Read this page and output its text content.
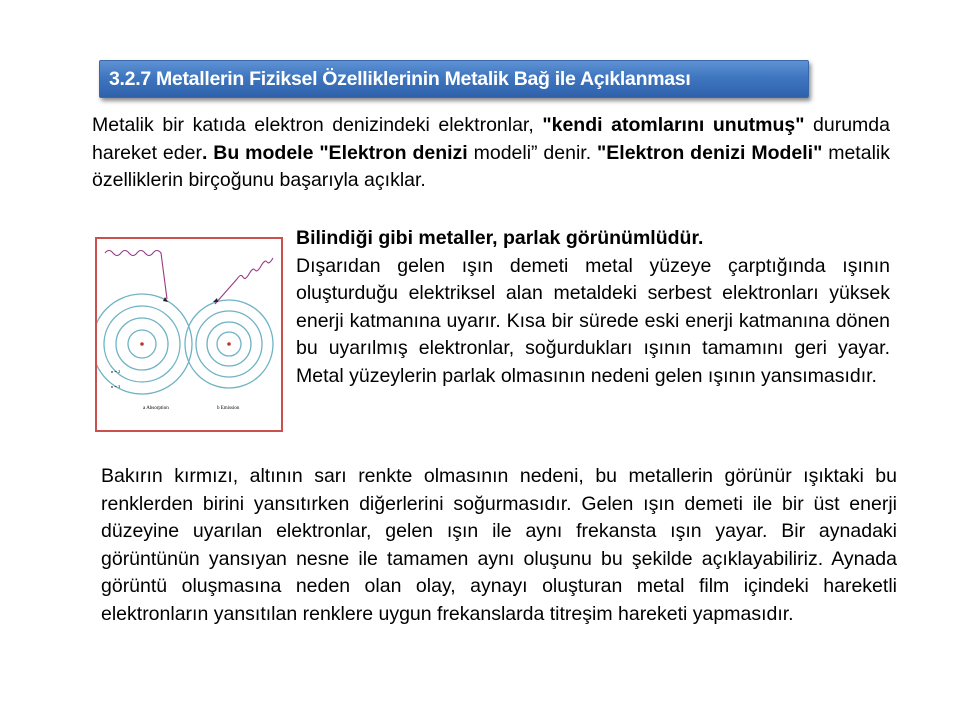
3.2.7 Metallerin Fiziksel Özelliklerinin Metalik Bağ ile Açıklanması

Metalik bir katıda elektron denizindeki elektronlar, "kendi atomlarını unutmuş" durumda hareket eder. Bu modele "Elektron denizi modeli” denir. "Elektron denizi Modeli" metalik özelliklerin birçoğunu başarıyla açıklar.

n = 2
n = 3
a Absorption	b Emission
Bilindiği gibi metaller, parlak görünümlüdür.
Dışarıdan gelen ışın demeti metal yüzeye çarptığında ışının oluşturduğu elektriksel alan metaldeki serbest elektronları yüksek enerji katmanına uyarır. Kısa bir sürede eski enerji katmanına dönen bu uyarılmış elektronlar, soğurdukları ışının tamamını geri yayar. Metal yüzeylerin parlak olmasının nedeni gelen ışının yansımasıdır.

Bakırın kırmızı, altının sarı renkte olmasının nedeni, bu metallerin görünür ışıktaki bu renklerden birini yansıtırken diğerlerini soğurmasıdır. Gelen ışın demeti ile bir üst enerji düzeyine uyarılan elektronlar, gelen ışın ile aynı frekansta ışın yayar. Bir aynadaki görüntünün yansıyan nesne ile tamamen aynı oluşunu bu şekilde açıklayabiliriz. Aynada görüntü oluşmasına neden olan olay, aynayı oluşturan metal film içindeki hareketli elektronların yansıtılan renklere uygun frekanslarda titreşim hareketi yapmasıdır.
